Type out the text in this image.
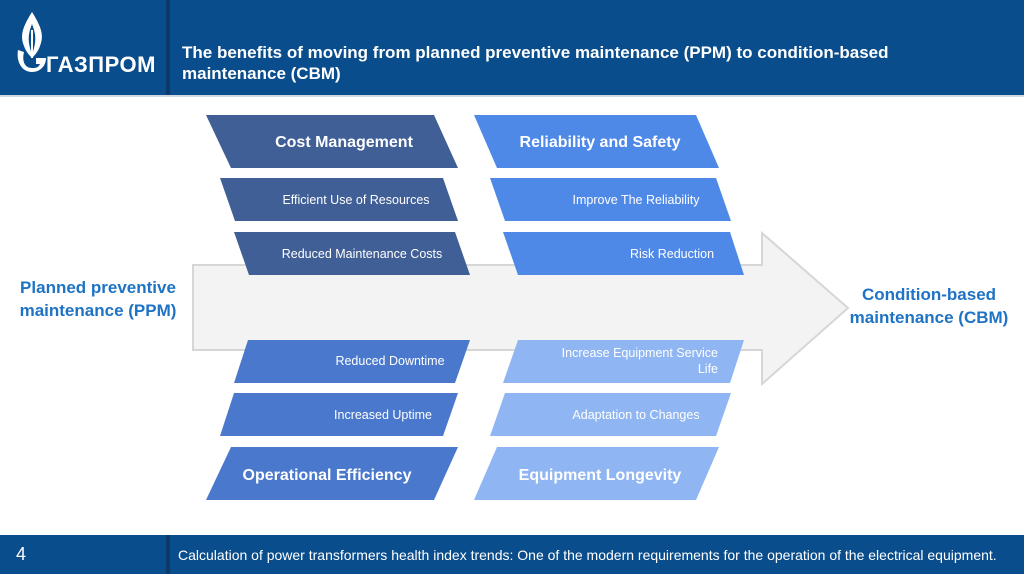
ГАЗПРОМ The benefits of moving from planned preventive maintenance (PPM) to condition-based maintenance (CBM)
Cost Management	Reliability and Safety
Operational Efficiency	Equipment Longevity
Efficient Use of Resources
Reduced Maintenance Costs
Improve The Reliability
Risk Reduction
Reduced Downtime
Increased Uptime
Increase Equipment Service Life
Adaptation to Changes
Planned preventive maintenance (PPM)
Condition-based maintenance (CBM)
4	Calculation of power transformers health index trends: One of the modern requirements for the operation of the electrical equipment.
